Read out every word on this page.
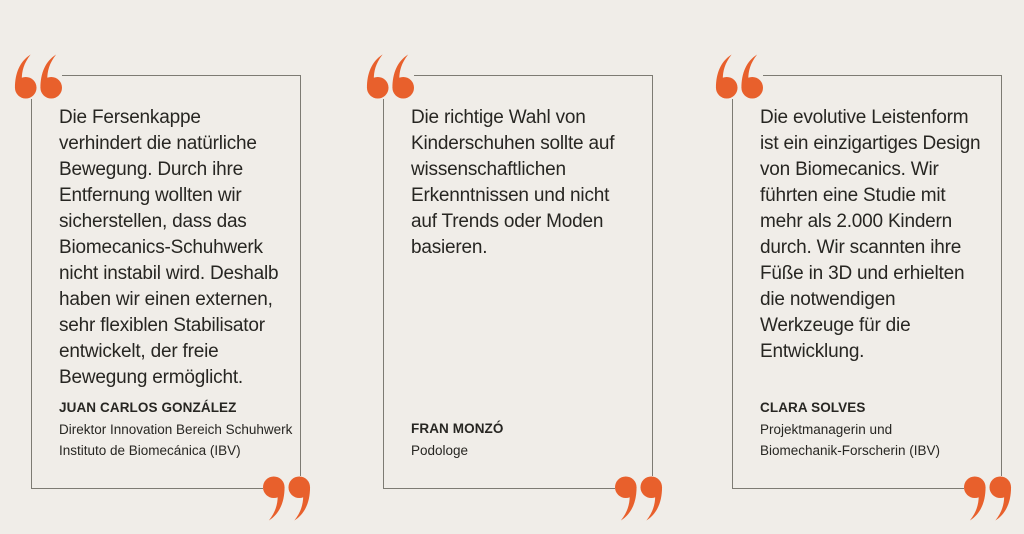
Die Fersenkappe
verhindert die natürliche
Bewegung. Durch ihre
Entfernung wollten wir
sicherstellen, dass das
Biomecanics-Schuhwerk
nicht instabil wird. Deshalb
haben wir einen externen,
sehr flexiblen Stabilisator
entwickelt, der freie
Bewegung ermöglicht.
JUAN CARLOS GONZÁLEZ
Direktor Innovation Bereich Schuhwerk
Instituto de Biomecánica (IBV)
Die richtige Wahl von
Kinderschuhen sollte auf
wissenschaftlichen
Erkenntnissen und nicht
auf Trends oder Moden
basieren.
FRAN MONZÓ
Podologe
Die evolutive Leistenform
ist ein einzigartiges Design
von Biomecanics. Wir
führten eine Studie mit
mehr als 2.000 Kindern
durch. Wir scannten ihre
Füße in 3D und erhielten
die notwendigen
Werkzeuge für die
Entwicklung.
CLARA SOLVES
Projektmanagerin und
Biomechanik-Forscherin (IBV)
